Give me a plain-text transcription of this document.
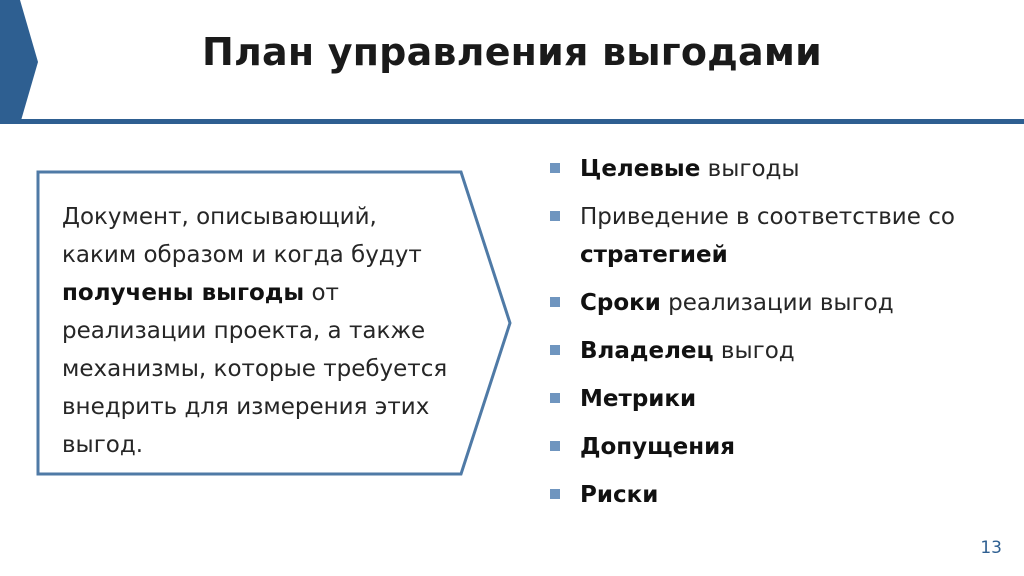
План управления выгодами
Документ, описывающий,
каким образом и когда будут
получены выгоды от
реализации проекта, а также
механизмы, которые требуется
внедрить для измерения этих
выгод.
Целевые выгоды
Приведение в соответствие со стратегией
Сроки реализации выгод
Владелец выгод
Метрики
Допущения
Риски
13
